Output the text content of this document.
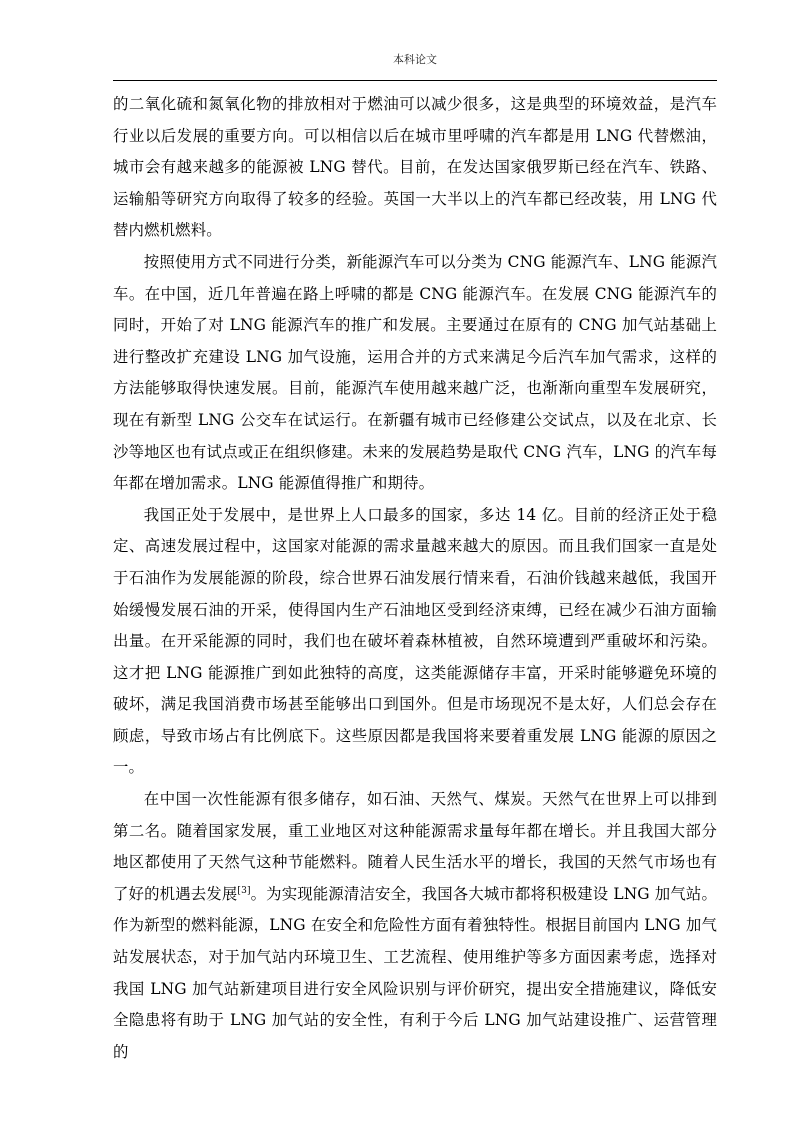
本科论文

的二氧化硫和氮氧化物的排放相对于燃油可以减少很多，这是典型的环境效益，是汽车行业以后发展的重要方向。可以相信以后在城市里呼啸的汽车都是用 LNG 代替燃油，城市会有越来越多的能源被 LNG 替代。目前，在发达国家俄罗斯已经在汽车、铁路、运输船等研究方向取得了较多的经验。英国一大半以上的汽车都已经改装，用 LNG 代替内燃机燃料。

按照使用方式不同进行分类，新能源汽车可以分类为 CNG 能源汽车、LNG 能源汽车。在中国，近几年普遍在路上呼啸的都是 CNG 能源汽车。在发展 CNG 能源汽车的同时，开始了对 LNG 能源汽车的推广和发展。主要通过在原有的 CNG 加气站基础上进行整改扩充建设 LNG 加气设施，运用合并的方式来满足今后汽车加气需求，这样的方法能够取得快速发展。目前，能源汽车使用越来越广泛，也渐渐向重型车发展研究，现在有新型 LNG 公交车在试运行。在新疆有城市已经修建公交试点，以及在北京、长沙等地区也有试点或正在组织修建。未来的发展趋势是取代 CNG 汽车，LNG 的汽车每年都在增加需求。LNG 能源值得推广和期待。

我国正处于发展中，是世界上人口最多的国家，多达 14 亿。目前的经济正处于稳定、高速发展过程中，这国家对能源的需求量越来越大的原因。而且我们国家一直是处于石油作为发展能源的阶段，综合世界石油发展行情来看，石油价钱越来越低，我国开始缓慢发展石油的开采，使得国内生产石油地区受到经济束缚，已经在减少石油方面输出量。在开采能源的同时，我们也在破坏着森林植被，自然环境遭到严重破坏和污染。这才把 LNG 能源推广到如此独特的高度，这类能源储存丰富，开采时能够避免环境的破坏，满足我国消费市场甚至能够出口到国外。但是市场现况不是太好，人们总会存在顾虑，导致市场占有比例底下。这些原因都是我国将来要着重发展 LNG 能源的原因之一。

在中国一次性能源有很多储存，如石油、天然气、煤炭。天然气在世界上可以排到第二名。随着国家发展，重工业地区对这种能源需求量每年都在增长。并且我国大部分地区都使用了天然气这种节能燃料。随着人民生活水平的增长，我国的天然气市场也有了好的机遇去发展[3]。为实现能源清洁安全，我国各大城市都将积极建设 LNG 加气站。作为新型的燃料能源，LNG 在安全和危险性方面有着独特性。根据目前国内 LNG 加气站发展状态，对于加气站内环境卫生、工艺流程、使用维护等多方面因素考虑，选择对我国 LNG 加气站新建项目进行安全风险识别与评价研究，提出安全措施建议，降低安全隐患将有助于 LNG 加气站的安全性，有利于今后 LNG 加气站建设推广、运营管理的
